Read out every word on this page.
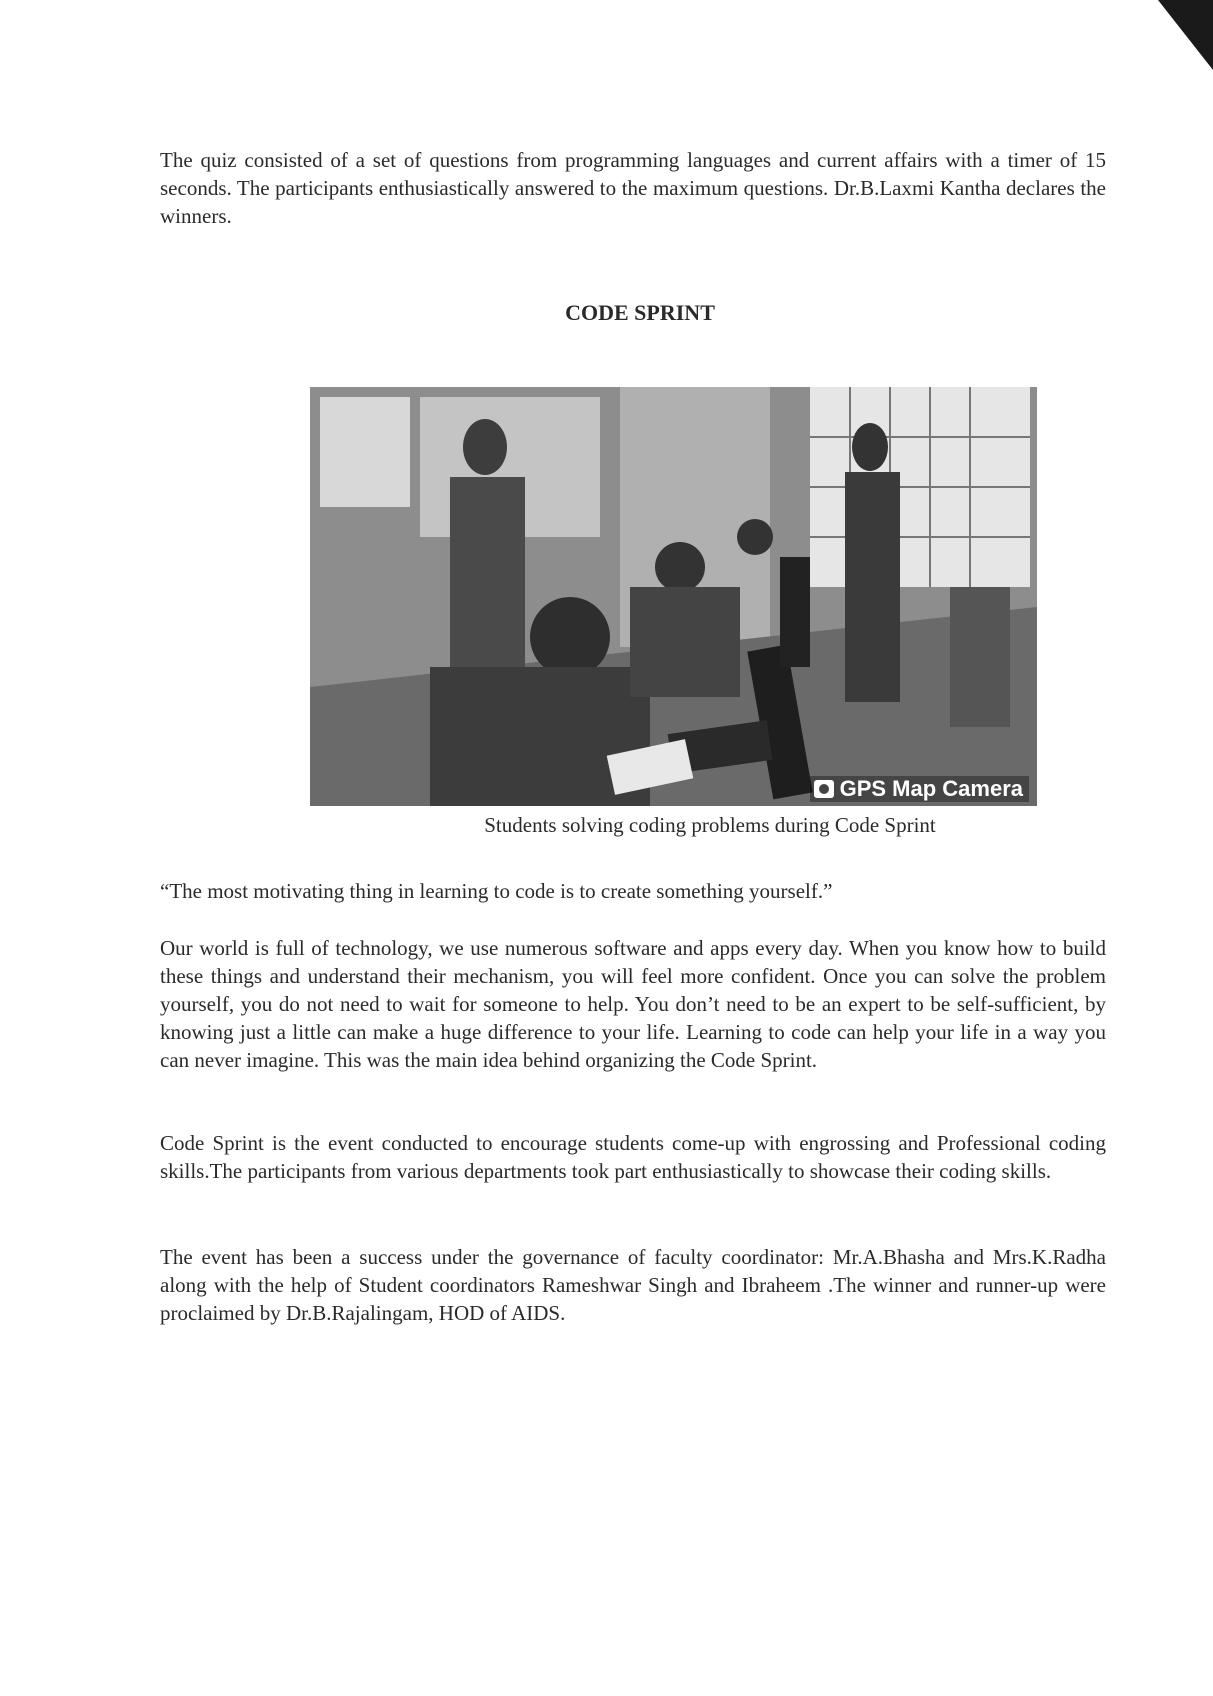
The quiz consisted of a set of questions from programming languages and current affairs with a timer of 15 seconds. The participants enthusiastically answered to the maximum questions. Dr.B.Laxmi Kantha declares the winners.

CODE SPRINT
GPS Map Camera

Students solving coding problems during Code Sprint

“The most motivating thing in learning to code is to create something yourself.”

Our world is full of technology, we use numerous software and apps every day. When you know how to build these things and understand their mechanism, you will feel more confident. Once you can solve the problem yourself, you do not need to wait for someone to help. You don’t need to be an expert to be self-sufficient, by knowing just a little can make a huge difference to your life. Learning to code can help your life in a way you can never imagine. This was the main idea behind organizing the Code Sprint.

Code Sprint is the event conducted to encourage students come-up with engrossing and Professional coding skills.The participants from various departments took part enthusiastically to showcase their coding skills.

The event has been a success under the governance of faculty coordinator: Mr.A.Bhasha and Mrs.K.Radha along with the help of Student coordinators Rameshwar Singh and Ibraheem .The winner and runner-up were proclaimed by Dr.B.Rajalingam, HOD of AIDS.
